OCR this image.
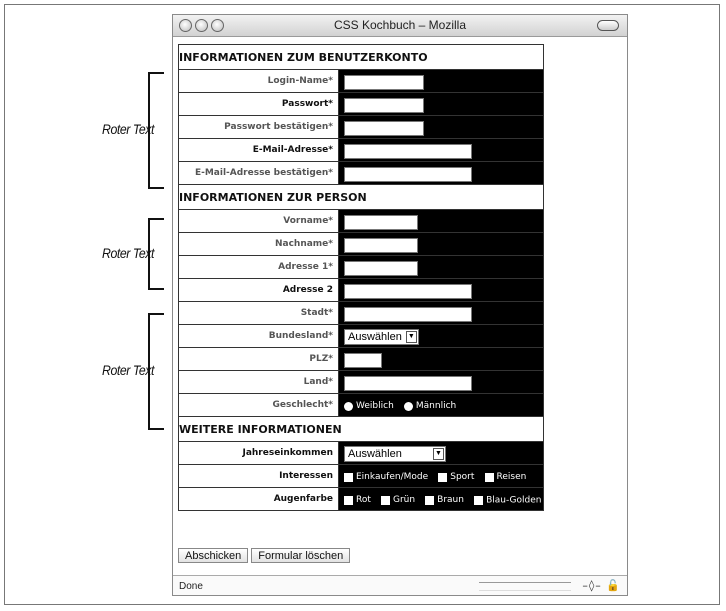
Roter Text
Roter Text
Roter Text
CSS Kochbuch – Mozilla
INFORMATIONEN ZUM BENUTZERKONTO	
Login-Name*	
Passwort*	
Passwort bestätigen*	
E-Mail-Adresse*	
E-Mail-Adresse bestätigen*	
INFORMATIONEN ZUR PERSON	
Vorname*	
Nachname*	
Adresse 1*	
Adresse 2	
Stadt*	
Bundesland*	Auswählen ▼

PLZ*	
Land*	
Geschlecht*	Weiblich Männlich
WEITERE INFORMATIONEN	
Jahreseinkommen	Auswählen ▼

Interessen	Einkaufen/Mode Sport Reisen
Augenfarbe	Rot Grün Braun Blau-Golden
Abschicken Formular löschen
Done	–◊– 🔓
